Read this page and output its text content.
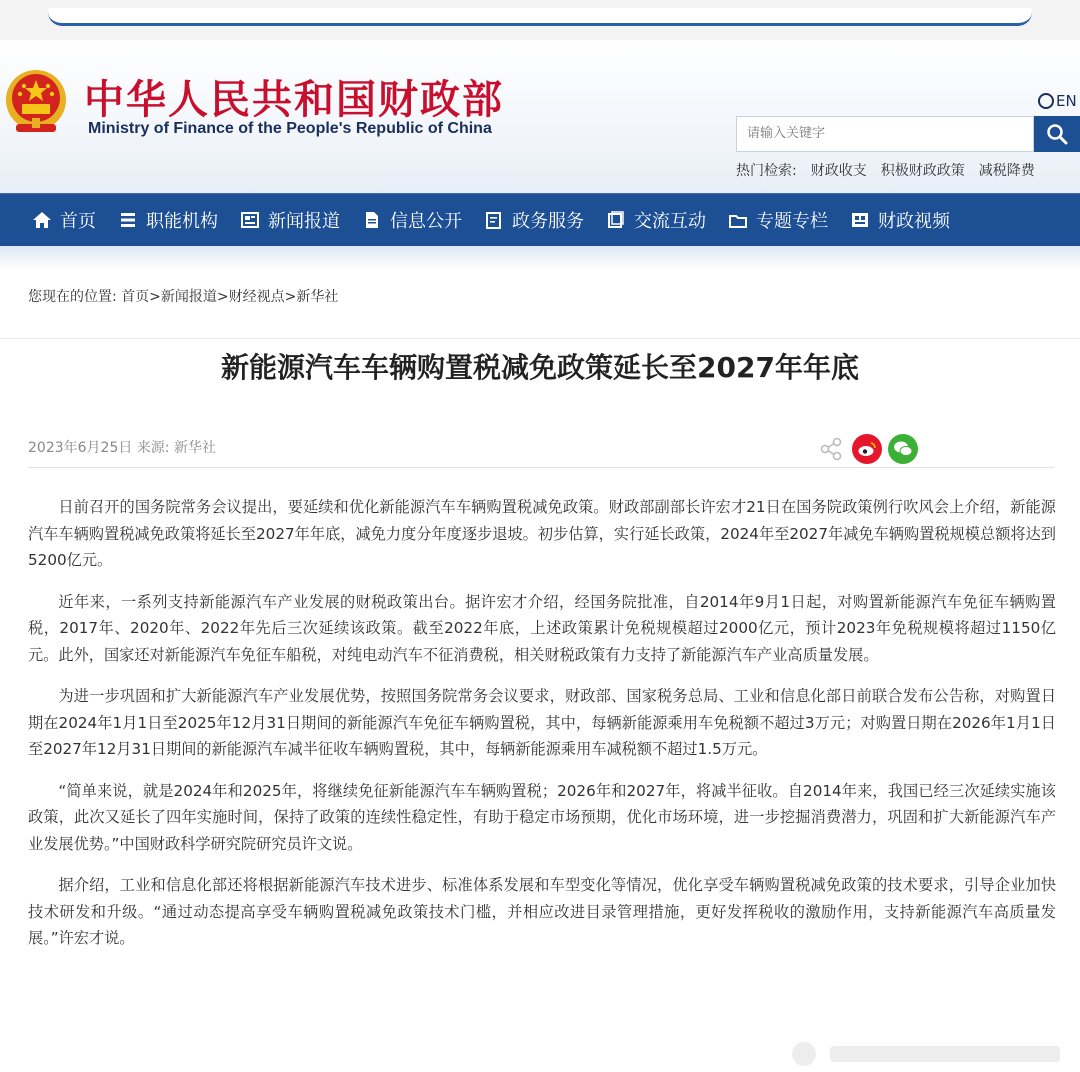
中华人民共和国财政部
Ministry of Finance of the People's Republic of China
EN
请输入关键字
热门检索: 财政收支 积极财政政策 减税降费
首页	职能机构	新闻报道	信息公开	政务服务	交流互动	专题专栏	财政视频
您现在的位置: 首页>新闻报道>财经视点>新华社
新能源汽车车辆购置税减免政策延长至2027年年底
2023年6月25日 来源: 新华社

日前召开的国务院常务会议提出，要延续和优化新能源汽车车辆购置税减免政策。财政部副部长许宏才21日在国务院政策例行吹风会上介绍，新能源汽车车辆购置税减免政策将延长至2027年年底，减免力度分年度逐步退坡。初步估算，实行延长政策，2024年至2027年减免车辆购置税规模总额将达到5200亿元。

近年来，一系列支持新能源汽车产业发展的财税政策出台。据许宏才介绍，经国务院批准，自2014年9月1日起，对购置新能源汽车免征车辆购置税，2017年、2020年、2022年先后三次延续该政策。截至2022年底，上述政策累计免税规模超过2000亿元，预计2023年免税规模将超过1150亿元。此外，国家还对新能源汽车免征车船税，对纯电动汽车不征消费税，相关财税政策有力支持了新能源汽车产业高质量发展。

为进一步巩固和扩大新能源汽车产业发展优势，按照国务院常务会议要求，财政部、国家税务总局、工业和信息化部日前联合发布公告称，对购置日期在2024年1月1日至2025年12月31日期间的新能源汽车免征车辆购置税，其中，每辆新能源乘用车免税额不超过3万元；对购置日期在2026年1月1日至2027年12月31日期间的新能源汽车减半征收车辆购置税，其中，每辆新能源乘用车减税额不超过1.5万元。

“简单来说，就是2024年和2025年，将继续免征新能源汽车车辆购置税；2026年和2027年，将减半征收。自2014年来，我国已经三次延续实施该政策，此次又延长了四年实施时间，保持了政策的连续性稳定性，有助于稳定市场预期，优化市场环境，进一步挖掘消费潜力，巩固和扩大新能源汽车产业发展优势。”中国财政科学研究院研究员许文说。

据介绍，工业和信息化部还将根据新能源汽车技术进步、标准体系发展和车型变化等情况，优化享受车辆购置税减免政策的技术要求，引导企业加快技术研发和升级。“通过动态提高享受车辆购置税减免政策技术门槛，并相应改进目录管理措施，更好发挥税收的激励作用，支持新能源汽车高质量发展。”许宏才说。
